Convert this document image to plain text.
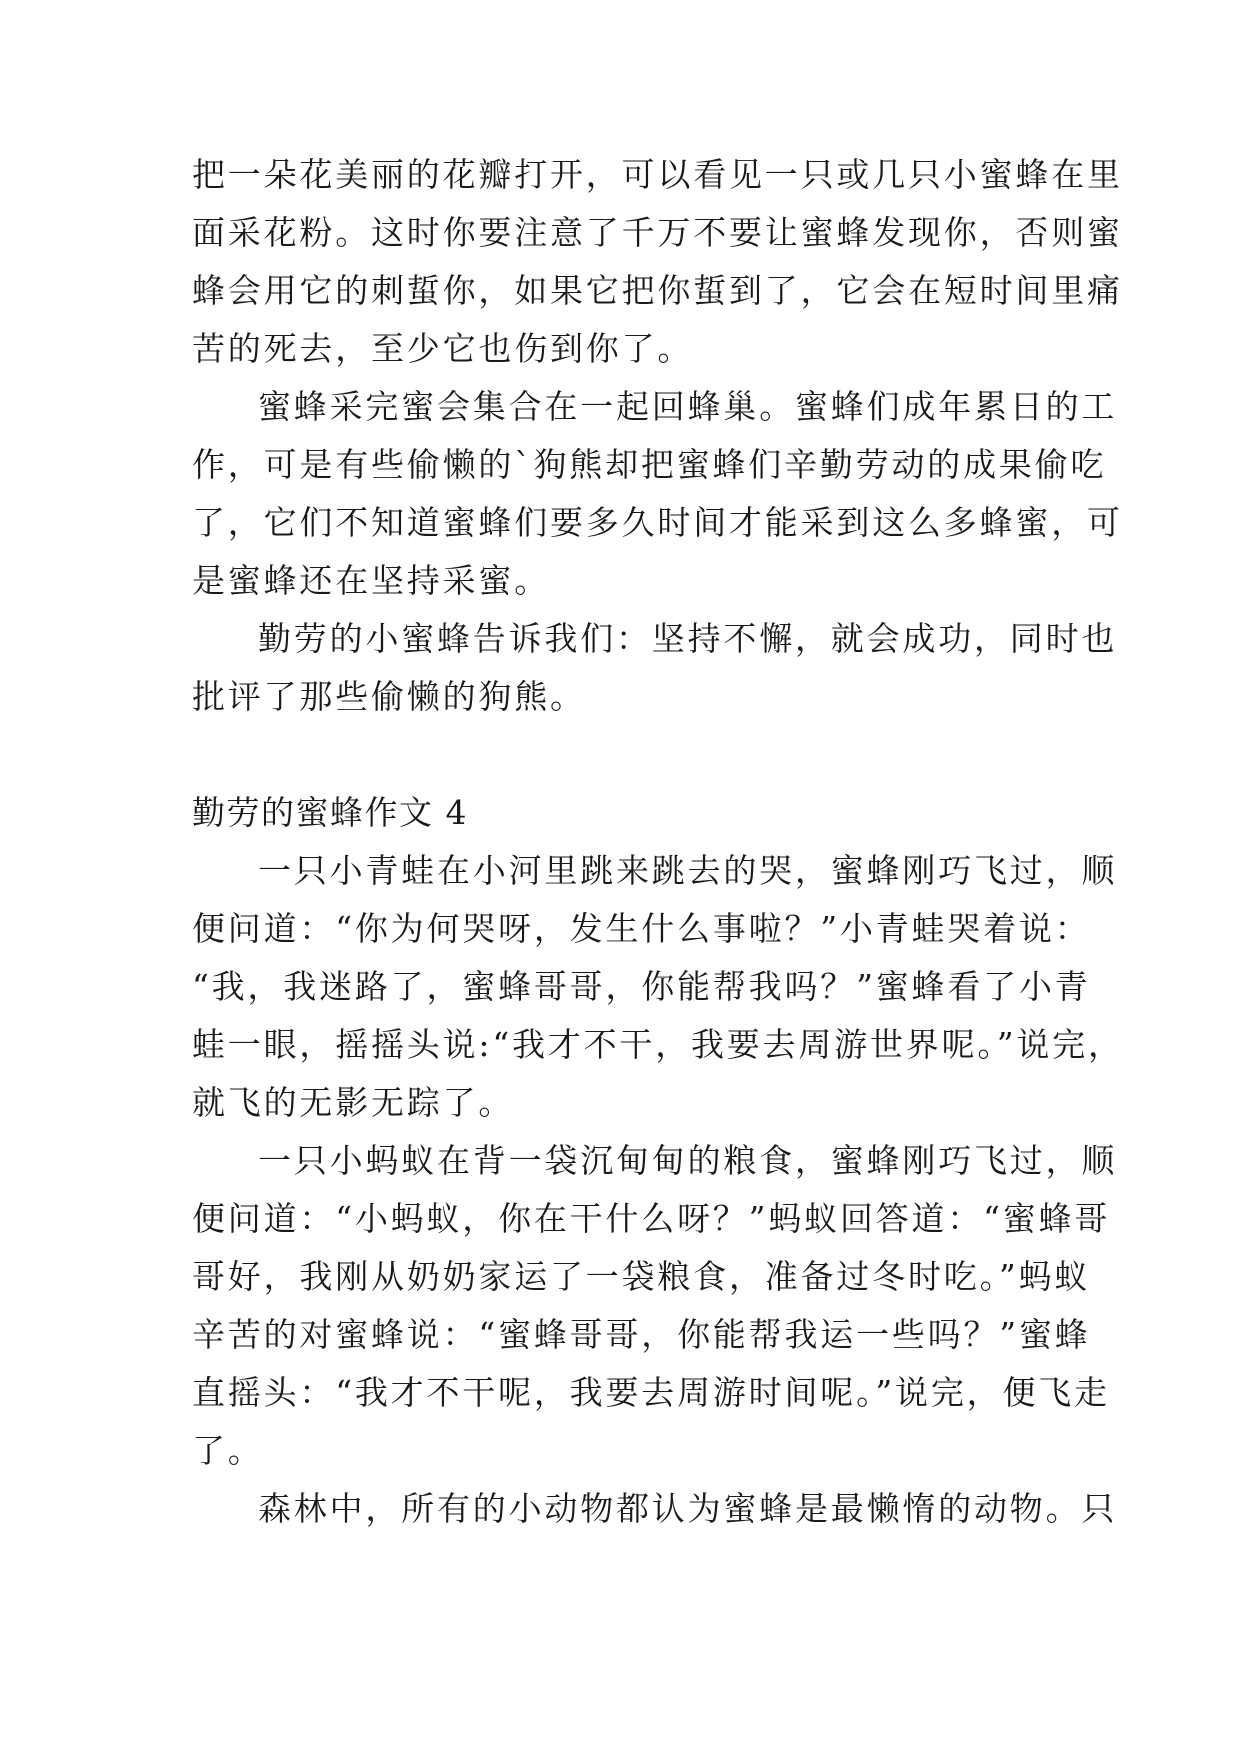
把一朵花美丽的花瓣打开，可以看见一只或几只小蜜蜂在里
面采花粉。这时你要注意了千万不要让蜜蜂发现你，否则蜜
蜂会用它的刺蜇你，如果它把你蜇到了，它会在短时间里痛
苦的死去，至少它也伤到你了。
蜜蜂采完蜜会集合在一起回蜂巢。蜜蜂们成年累日的工
作，可是有些偷懒的`狗熊却把蜜蜂们辛勤劳动的成果偷吃
了，它们不知道蜜蜂们要多久时间才能采到这么多蜂蜜，可
是蜜蜂还在坚持采蜜。
勤劳的小蜜蜂告诉我们：坚持不懈，就会成功，同时也
批评了那些偷懒的狗熊。
勤劳的蜜蜂作文 4
一只小青蛙在小河里跳来跳去的哭，蜜蜂刚巧飞过，顺
便问道：“你为何哭呀，发生什么事啦？”小青蛙哭着说：
“我，我迷路了，蜜蜂哥哥，你能帮我吗？”蜜蜂看了小青
蛙一眼，摇摇头说:“我才不干，我要去周游世界呢。”说完，
就飞的无影无踪了。
一只小蚂蚁在背一袋沉甸甸的粮食，蜜蜂刚巧飞过，顺
便问道：“小蚂蚁，你在干什么呀？”蚂蚁回答道：“蜜蜂哥
哥好，我刚从奶奶家运了一袋粮食，准备过冬时吃。”蚂蚁
辛苦的对蜜蜂说：“蜜蜂哥哥，你能帮我运一些吗？”蜜蜂
直摇头：“我才不干呢，我要去周游时间呢。”说完，便飞走
了。
森林中，所有的小动物都认为蜜蜂是最懒惰的动物。只
